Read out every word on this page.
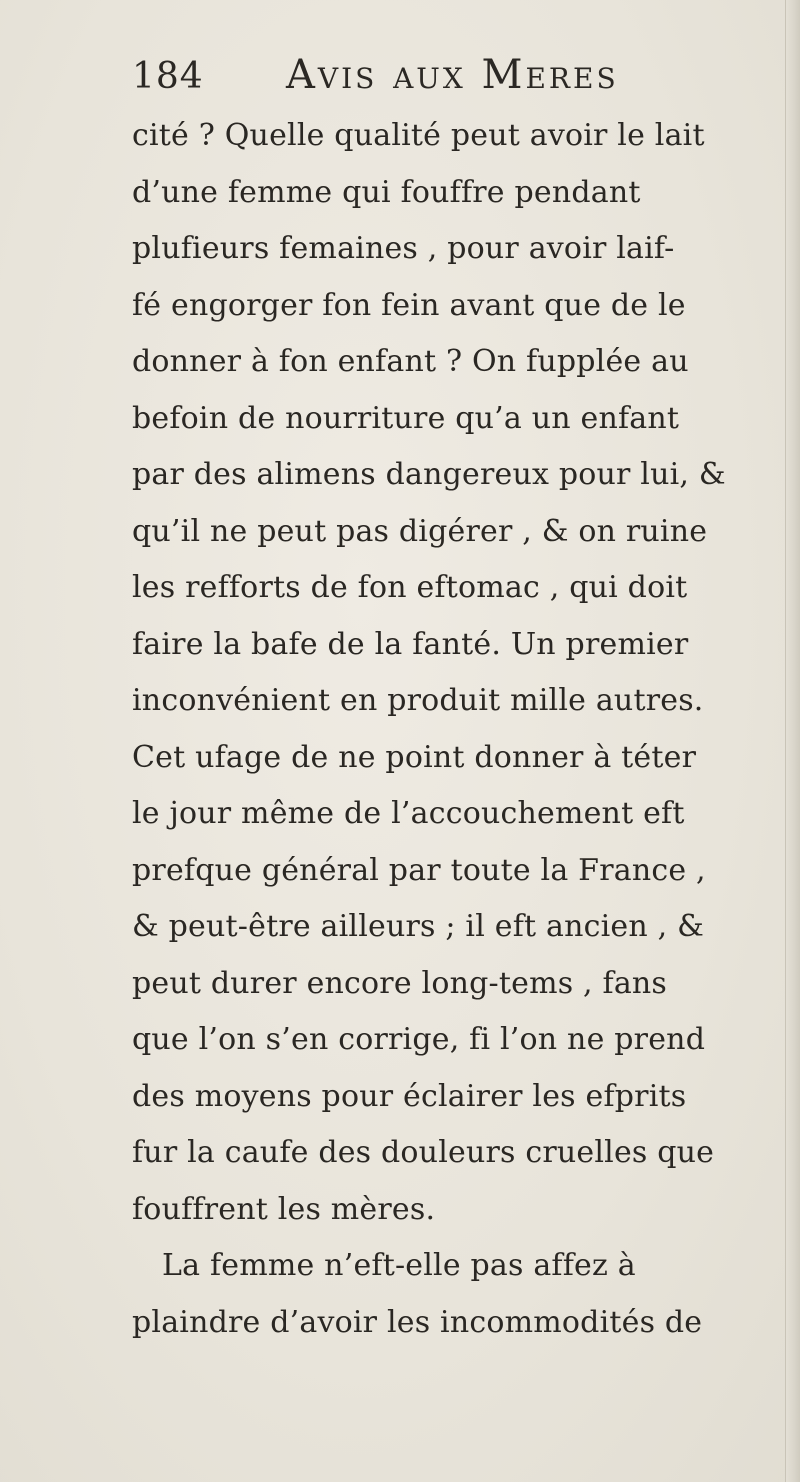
184 Avis aux Meres
cité ? Quelle qualité peut avoir le lait
d’une femme qui fouffre pendant
plufieurs femaines , pour avoir laif-
fé engorger fon fein avant que de le
donner à fon enfant ? On fupplée au
befoin de nourriture qu’a un enfant
par des alimens dangereux pour lui, &
qu’il ne peut pas digérer , & on ruine
les refforts de fon eftomac , qui doit
faire la bafe de la fanté. Un premier
inconvénient en produit mille autres.
Cet ufage de ne point donner à téter
le jour même de l’accouchement eft
prefque général par toute la France ,
& peut-être ailleurs ; il eft ancien , &
peut durer encore long-tems , fans
que l’on s’en corrige, fi l’on ne prend
des moyens pour éclairer les efprits
fur la caufe des douleurs cruelles que
fouffrent les mères.
La femme n’eft-elle pas affez à
plaindre d’avoir les incommodités de
